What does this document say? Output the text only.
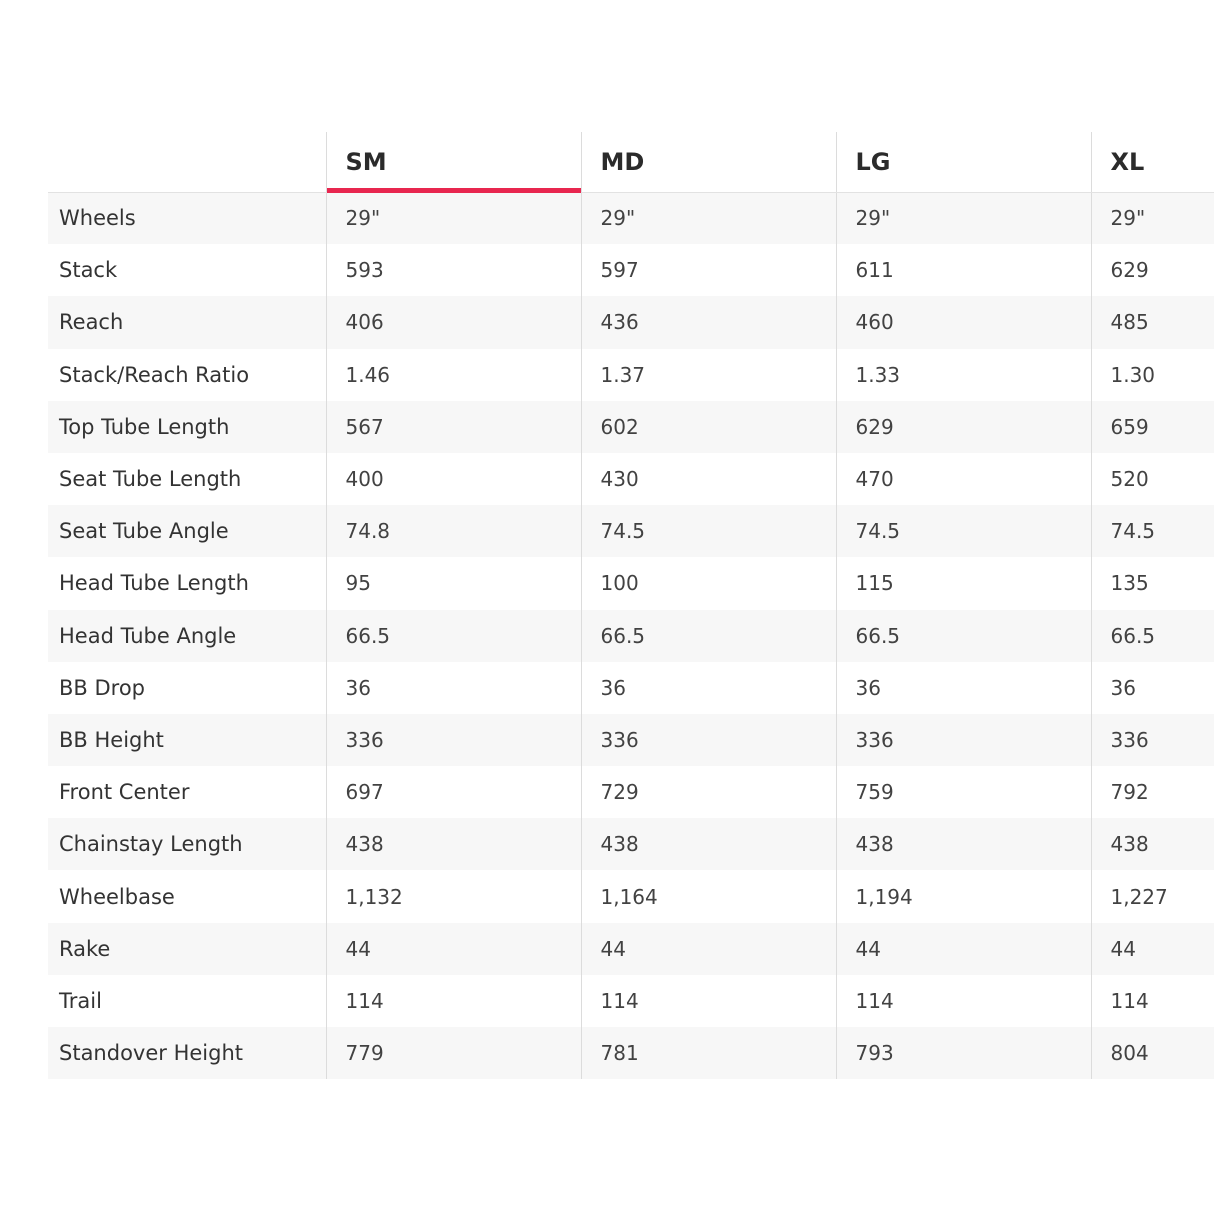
	SM	MD	LG	XL
Wheels	29"	29"	29"	29"
Stack	593	597	611	629
Reach	406	436	460	485
Stack/Reach Ratio	1.46	1.37	1.33	1.30
Top Tube Length	567	602	629	659
Seat Tube Length	400	430	470	520
Seat Tube Angle	74.8	74.5	74.5	74.5
Head Tube Length	95	100	115	135
Head Tube Angle	66.5	66.5	66.5	66.5
BB Drop	36	36	36	36
BB Height	336	336	336	336
Front Center	697	729	759	792
Chainstay Length	438	438	438	438
Wheelbase	1,132	1,164	1,194	1,227
Rake	44	44	44	44
Trail	114	114	114	114
Standover Height	779	781	793	804
